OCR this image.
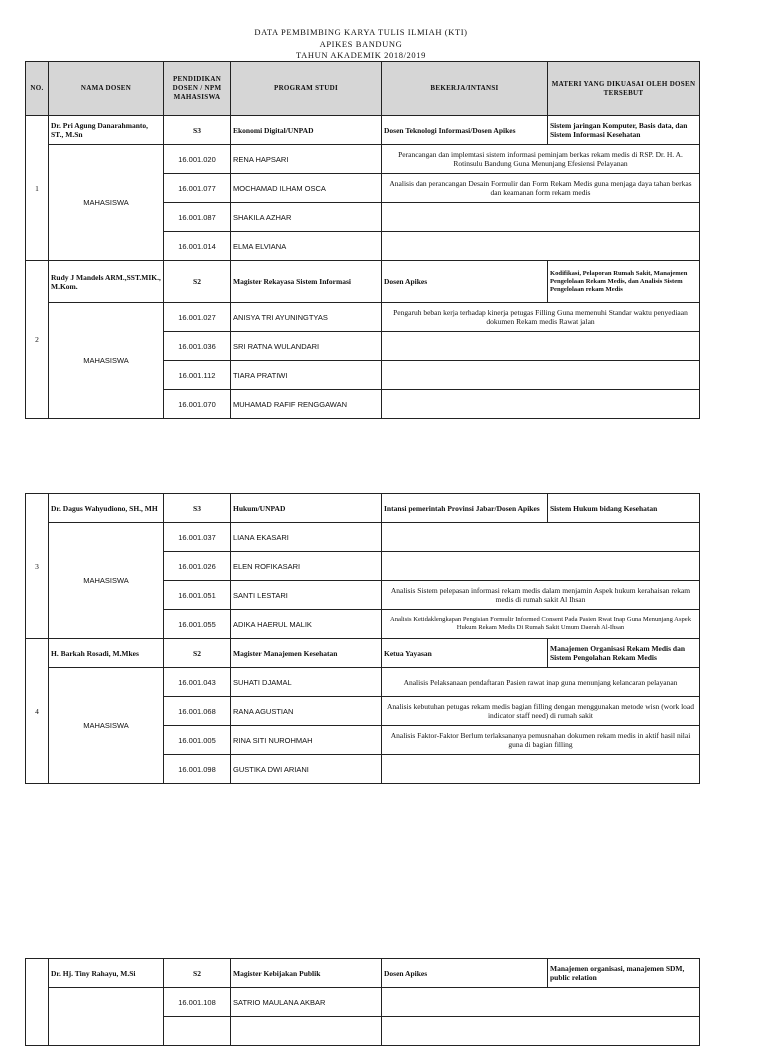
DATA PEMBIMBING KARYA TULIS ILMIAH (KTI)
APIKES BANDUNG
TAHUN AKADEMIK 2018/2019
NO.	NAMA DOSEN	PENDIDIKAN DOSEN / NPM MAHASISWA	PROGRAM STUDI	BEKERJA/INTANSI	MATERI YANG DIKUASAI OLEH DOSEN TERSEBUT
1	Dr. Pri Agung Danarahmanto, ST., M.Sn	S3	Ekonomi Digital/UNPAD	Dosen Teknologi Informasi/Dosen Apikes	Sistem jaringan Komputer, Basis data, dan Sistem Informasi Kesehatan
	MAHASISWA	16.001.020	RENA HAPSARI	Perancangan dan implemtasi sistem informasi peminjam berkas rekam medis di RSP. Dr. H. A. Rotinsulu Bandung Guna Menunjang Efesiensi Pelayanan	
		16.001.077	MOCHAMAD ILHAM OSCA	Analisis dan perancangan Desain Formulir dan Form Rekam Medis guna menjaga daya tahan berkas dan keamanan form rekam medis	
		16.001.087	SHAKILA AZHAR		
		16.001.014	ELMA ELVIANA		
2	Rudy J Mandels ARM.,SST.MIK., M.Kom.	S2	Magister Rekayasa Sistem Informasi	Dosen Apikes	Kodifikasi, Pelaporan Rumah Sakit, Manajemen Pengelolaan Rekam Medis, dan Analisis Sistem Pengelolaan rekam Medis
	MAHASISWA	16.001.027	ANISYA TRI AYUNINGTYAS	Pengaruh beban kerja terhadap kinerja petugas Filling Guna memenuhi Standar waktu penyediaan dokumen Rekam medis Rawat jalan	
		16.001.036	SRI RATNA WULANDARI		
		16.001.112	TIARA PRATIWI		
		16.001.070	MUHAMAD RAFIF RENGGAWAN		
3	Dr. Dagus Wahyudiono, SH., MH	S3	Hukum/UNPAD	Intansi pemerintah Provinsi Jabar/Dosen Apikes	Sistem Hukum bidang Kesehatan
	MAHASISWA	16.001.037	LIANA EKASARI		
		16.001.026	ELEN ROFIKASARI		
		16.001.051	SANTI LESTARI	Analisis Sistem pelepasan informasi rekam medis dalam menjamin Aspek hukum kerahaisan rekam medis di rumah sakit Al Ihsan	
		16.001.055	ADIKA HAERUL MALIK	Analisis Ketidaklengkapan Pengisian Formulir Informed Consent Pada Pasien Rwat Inap Guna Menunjang Aspek Hukum Rekam Medis Di Rumah Sakit Umum Daerah Al-Ihsan	
4	H. Barkah Rosadi, M.Mkes	S2	Magister Manajemen Kesehatan	Ketua Yayasan	Manajemen Organisasi Rekam Medis dan Sistem Pengolahan Rekam Medis
	MAHASISWA	16.001.043	SUHATI DJAMAL	Analisis Pelaksanaan pendaftaran Pasien rawat inap guna menunjang kelancaran pelayanan	
		16.001.068	RANA AGUSTIAN	Analisis kebutuhan petugas rekam medis bagian filling dengan menggunakan metode wisn (work load indicator staff need) di rumah sakit	
		16.001.005	RINA SITI NUROHMAH	Analisis Faktor-Faktor Berlum terlaksananya pemusnahan dokumen rekam medis in aktif hasil nilai guna di bagian filling	
		16.001.098	GUSTIKA DWI ARIANI		
	Dr. Hj. Tiny Rahayu, M.Si	S2	Magister Kebijakan Publik	Dosen Apikes	Manajemen organisasi, manajemen SDM, public relation
		16.001.108	SATRIO MAULANA AKBAR		
